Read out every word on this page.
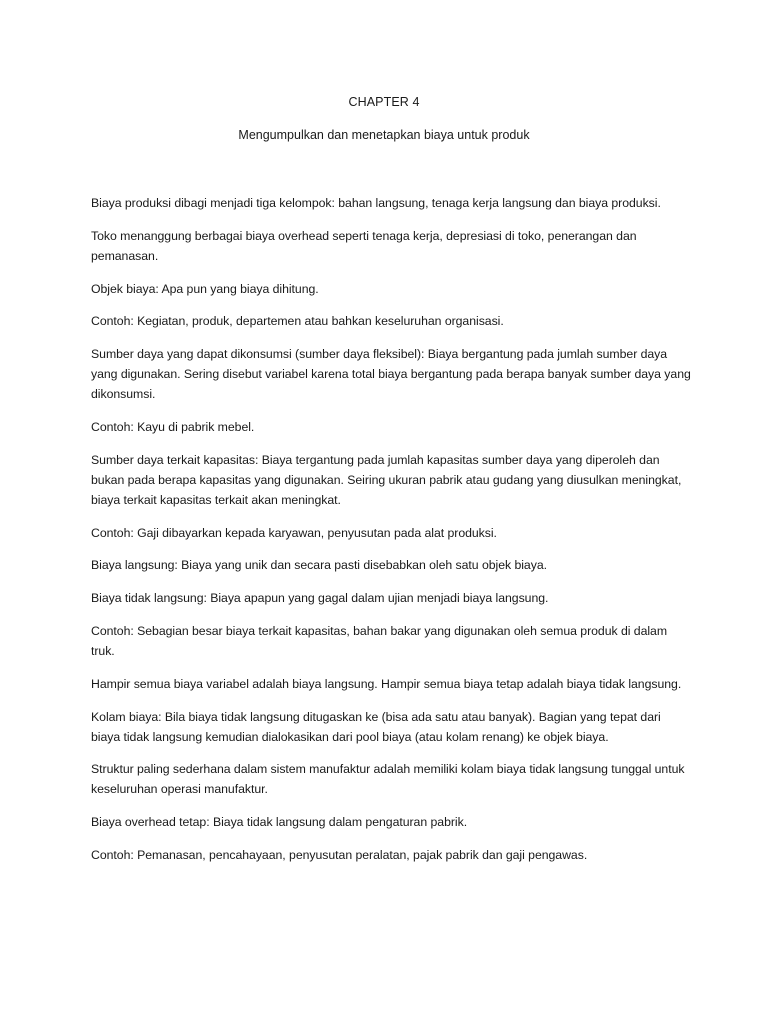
CHAPTER 4
Mengumpulkan dan menetapkan biaya untuk produk

Biaya produksi dibagi menjadi tiga kelompok: bahan langsung, tenaga kerja langsung dan biaya produksi.

Toko menanggung berbagai biaya overhead seperti tenaga kerja, depresiasi di toko, penerangan dan pemanasan.

Objek biaya: Apa pun yang biaya dihitung.

Contoh: Kegiatan, produk, departemen atau bahkan keseluruhan organisasi.

Sumber daya yang dapat dikonsumsi (sumber daya fleksibel): Biaya bergantung pada jumlah sumber daya yang digunakan. Sering disebut variabel karena total biaya bergantung pada berapa banyak sumber daya yang dikonsumsi.

Contoh: Kayu di pabrik mebel.

Sumber daya terkait kapasitas: Biaya tergantung pada jumlah kapasitas sumber daya yang diperoleh dan bukan pada berapa kapasitas yang digunakan. Seiring ukuran pabrik atau gudang yang diusulkan meningkat, biaya terkait kapasitas terkait akan meningkat.

Contoh: Gaji dibayarkan kepada karyawan, penyusutan pada alat produksi.

Biaya langsung: Biaya yang unik dan secara pasti disebabkan oleh satu objek biaya.

Biaya tidak langsung: Biaya apapun yang gagal dalam ujian menjadi biaya langsung.

Contoh: Sebagian besar biaya terkait kapasitas, bahan bakar yang digunakan oleh semua produk di dalam truk.

Hampir semua biaya variabel adalah biaya langsung. Hampir semua biaya tetap adalah biaya tidak langsung.

Kolam biaya: Bila biaya tidak langsung ditugaskan ke (bisa ada satu atau banyak). Bagian yang tepat dari biaya tidak langsung kemudian dialokasikan dari pool biaya (atau kolam renang) ke objek biaya.

Struktur paling sederhana dalam sistem manufaktur adalah memiliki kolam biaya tidak langsung tunggal untuk keseluruhan operasi manufaktur.

Biaya overhead tetap: Biaya tidak langsung dalam pengaturan pabrik.

Contoh: Pemanasan, pencahayaan, penyusutan peralatan, pajak pabrik dan gaji pengawas.
